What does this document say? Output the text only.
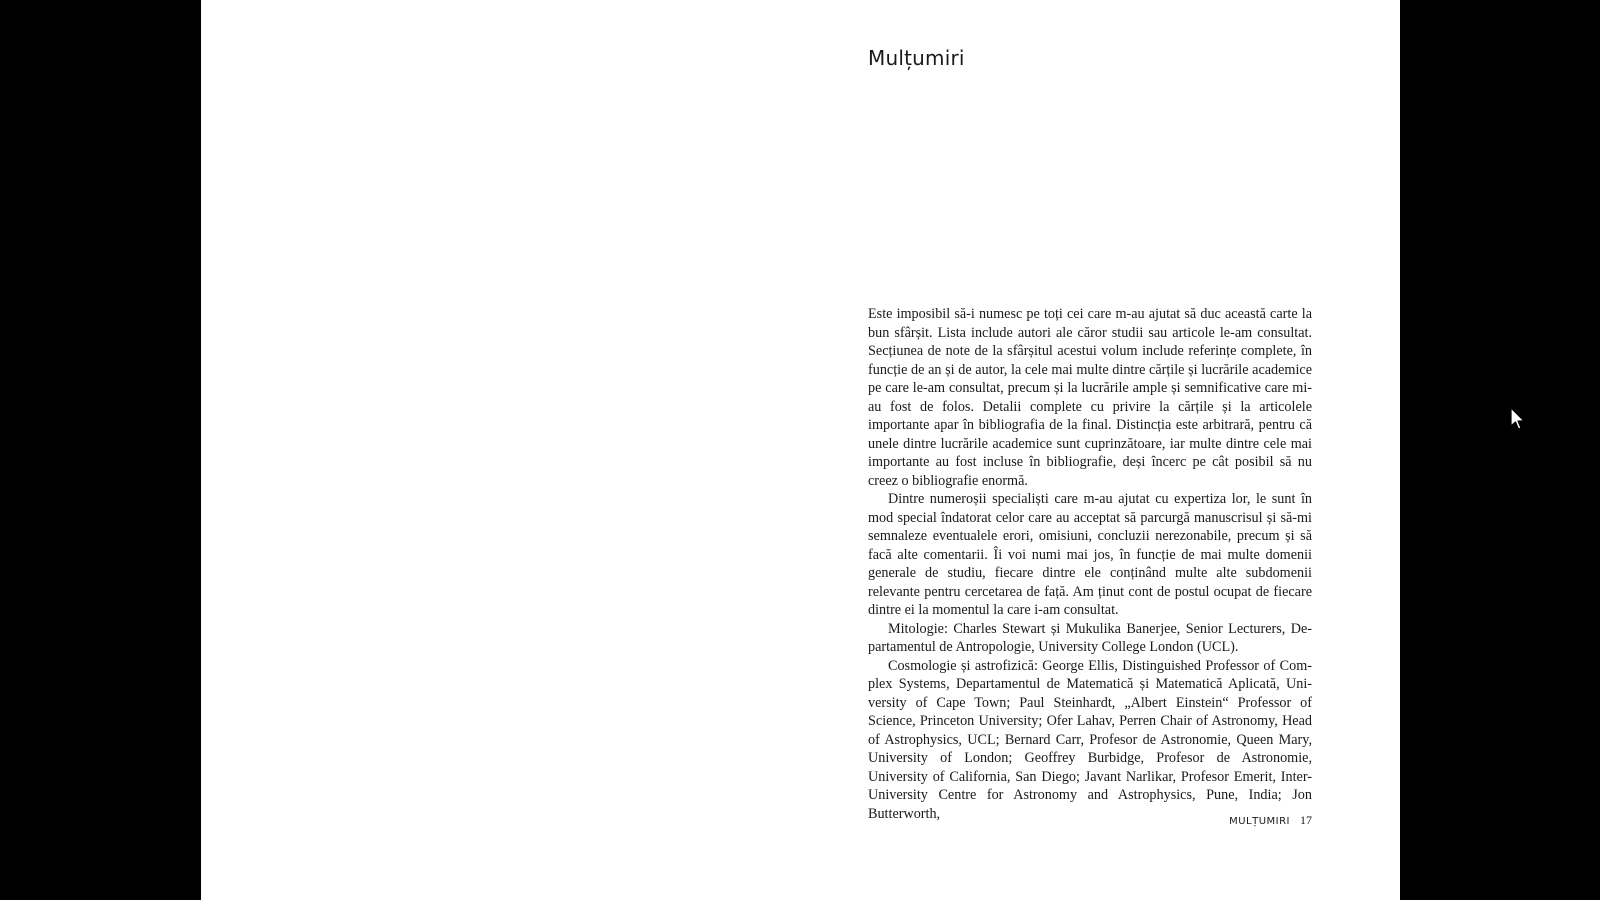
Mulțumiri

Este imposibil să-i numesc pe toți cei care m-au ajutat să duc această carte la bun sfârșit. Lista include autori ale căror studii sau articole le-am consultat. Secțiunea de note de la sfârșitul acestui volum include referințe complete, în funcție de an și de autor, la cele mai multe dintre cărțile și lucrările academice pe care le-am consultat, precum și la lucrările ample și semnificative care mi-au fost de folos. Detalii complete cu privire la cărțile și la articolele importante apar în bibliografia de la final. Distincția este arbitrară, pentru că unele dintre lucrările academice sunt cuprinzătoare, iar multe dintre cele mai importante au fost incluse în bibliografie, deși încerc pe cât posibil să nu creez o bibliografie enormă.

Dintre numeroșii specialiști care m-au ajutat cu expertiza lor, le sunt în mod special îndatorat celor care au acceptat să parcurgă manuscrisul și să-mi semnaleze eventualele erori, omisiuni, concluzii nerezonabile, precum și să facă alte comentarii. Îi voi numi mai jos, în funcție de mai multe domenii generale de studiu, fiecare dintre ele conținând multe alte subdomenii relevante pentru cercetarea de față. Am ținut cont de postul ocupat de fiecare dintre ei la momentul la care i-am consultat.

Mitologie: Charles Stewart și Mukulika Banerjee, Senior Lecturers, Departamentul de Antropologie, University College London (UCL).

Cosmologie și astrofizică: George Ellis, Distinguished Professor of Complex Systems, Departamentul de Matematică și Matematică Aplicată, University of Cape Town; Paul Steinhardt, „Albert Einstein“ Professor of Science, Princeton University; Ofer Lahav, Perren Chair of Astronomy, Head of Astrophysics, UCL; Bernard Carr, Profesor de Astronomie, Queen Mary, University of London; Geoffrey Burbidge, Profesor de Astronomie, University of California, San Diego; Javant Narlikar, Profesor Emerit, Inter-University Centre for Astronomy and Astrophysics, Pune, India; Jon Butterworth,	MULȚUMIRI 17
